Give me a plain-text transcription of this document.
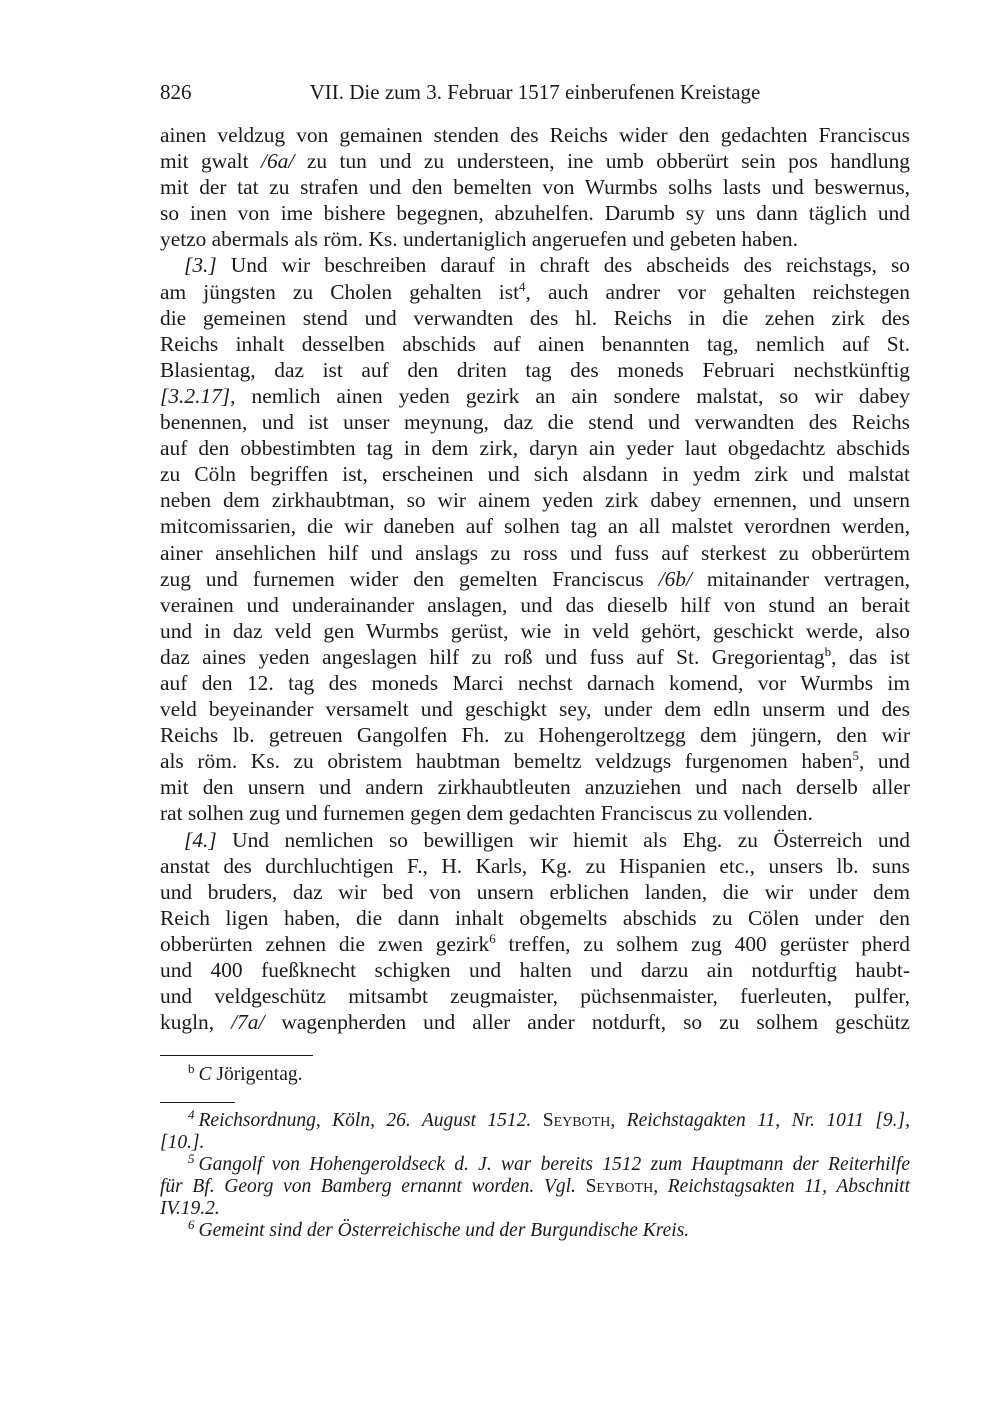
826	VII. Die zum 3. Februar 1517 einberufenen Kreistage
ainen veldzug von gemainen stenden des Reichs wider den gedachten Franciscus
mit gwalt /6a/ zu tun und zu understeen, ine umb obberürt sein pos handlung
mit der tat zu strafen und den bemelten von Wurmbs solhs lasts und beswernus,
so inen von ime bishere begegnen, abzuhelfen. Darumb sy uns dann täglich und
yetzo abermals als röm. Ks. undertaniglich angeruefen und gebeten haben.
[3.] Und wir beschreiben darauf in chraft des abscheids des reichstags, so
am jüngsten zu Cholen gehalten ist$^4$, auch andrer vor gehalten reichstegen
die gemeinen stend und verwandten des hl. Reichs in die zehen zirk des
Reichs inhalt desselben abschids auf ainen benannten tag, nemlich auf St.
Blasientag, daz ist auf den driten tag des moneds Februari nechstkünftig
[3.2.17], nemlich ainen yeden gezirk an ain sondere malstat, so wir dabey
benennen, und ist unser meynung, daz die stend und verwandten des Reichs
auf den obbestimbten tag in dem zirk, daryn ain yeder laut obgedachtz abschids
zu Cöln begriffen ist, erscheinen und sich alsdann in yedm zirk und malstat
neben dem zirkhaubtman, so wir ainem yeden zirk dabey ernennen, und unsern
mitcomissarien, die wir daneben auf solhen tag an all malstet verordnen werden,
ainer ansehlichen hilf und anslags zu ross und fuss auf sterkest zu obberürtem
zug und furnemen wider den gemelten Franciscus /6b/ mitainander vertragen,
verainen und underainander anslagen, und das dieselb hilf von stund an berait
und in daz veld gen Wurmbs gerüst, wie in veld gehört, geschickt werde, also
daz aines yeden angeslagen hilf zu roß und fuss auf St. Gregorientag$^b$, das ist
auf den 12. tag des moneds Marci nechst darnach komend, vor Wurmbs im
veld beyeinander versamelt und geschigkt sey, under dem edln unserm und des
Reichs lb. getreuen Gangolfen Fh. zu Hohengeroltzegg dem jüngern, den wir
als röm. Ks. zu obristem haubtman bemeltz veldzugs furgenomen haben$^5$, und
mit den unsern und andern zirkhaubtleuten anzuziehen und nach derselb aller
rat solhen zug und furnemen gegen dem gedachten Franciscus zu vollenden.
[4.] Und nemlichen so bewilligen wir hiemit als Ehg. zu Österreich und
anstat des durchluchtigen F., H. Karls, Kg. zu Hispanien etc., unsers lb. suns
und bruders, daz wir bed von unsern erblichen landen, die wir under dem
Reich ligen haben, die dann inhalt obgemelts abschids zu Cölen under den
obberürten zehnen die zwen gezirk$^6$ treffen, zu solhem zug 400 gerüster pherd
und 400 fueßknecht schigken und halten und darzu ain notdurftig haubt-
und veldgeschütz mitsambt zeugmaister, püchsenmaister, fuerleuten, pulfer,
kugln, /7a/ wagenpherden und aller ander notdurft, so zu solhem geschütz
$^b$ C Jörigentag.
$^4$ Reichsordnung, Köln, 26. August 1512. Seyboth, Reichstagakten 11, Nr. 1011 [9.],
[10.].
$^5$ Gangolf von Hohengeroldseck d. J. war bereits 1512 zum Hauptmann der Reiterhilfe
für Bf. Georg von Bamberg ernannt worden. Vgl. Seyboth, Reichstagsakten 11, Abschnitt
IV.19.2.
$^6$ Gemeint sind der Österreichische und der Burgundische Kreis.
